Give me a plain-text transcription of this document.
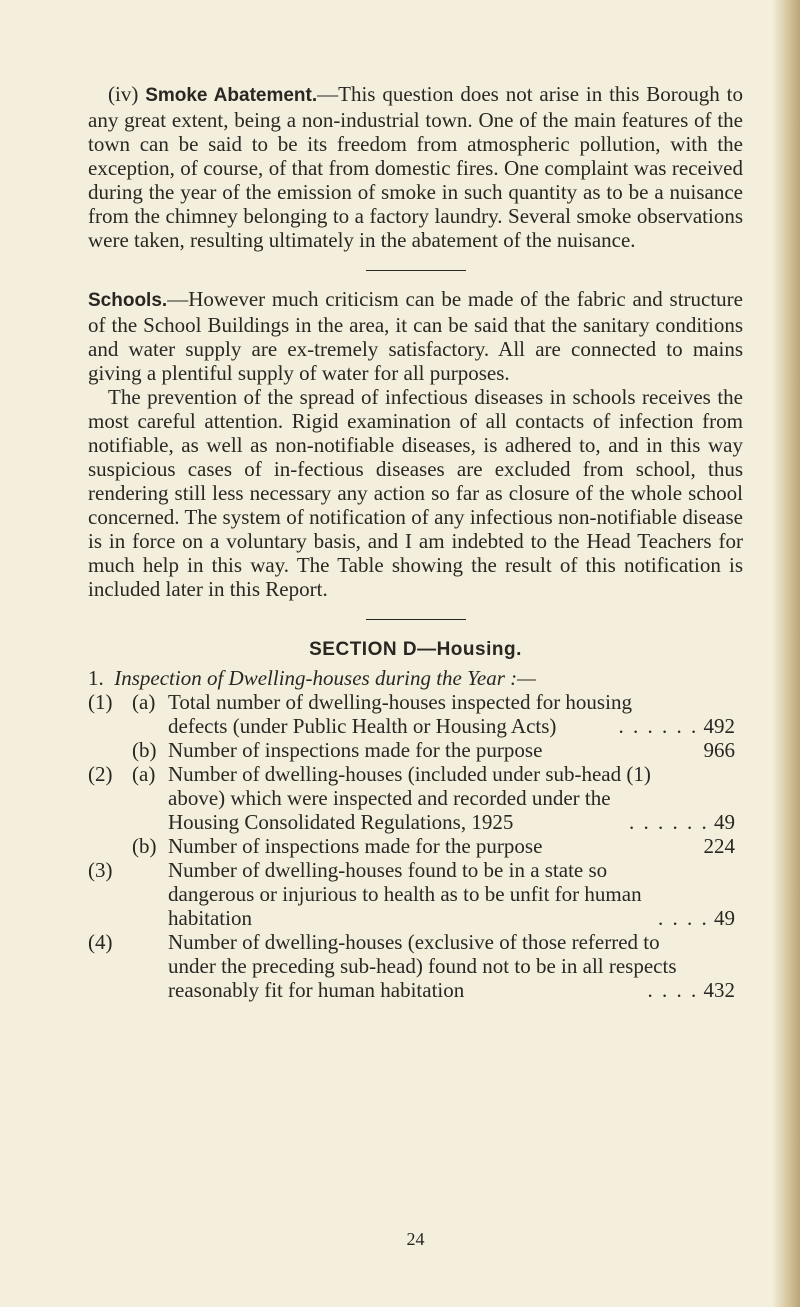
(iv) Smoke Abatement.—This question does not arise in this Borough to any great extent, being a non-industrial town. One of the main features of the town can be said to be its freedom from atmospheric pollution, with the exception, of course, of that from domestic fires. One complaint was received during the year of the emission of smoke in such quantity as to be a nuisance from the chimney belonging to a factory laundry. Several smoke observations were taken, resulting ultimately in the abatement of the nuisance.

Schools.—However much criticism can be made of the fabric and structure of the School Buildings in the area, it can be said that the sanitary conditions and water supply are ex-tremely satisfactory. All are connected to mains giving a plentiful supply of water for all purposes.

The prevention of the spread of infectious diseases in schools receives the most careful attention. Rigid examination of all contacts of infection from notifiable, as well as non-notifiable diseases, is adhered to, and in this way suspicious cases of in-fectious diseases are excluded from school, thus rendering still less necessary any action so far as closure of the whole school concerned. The system of notification of any infectious non-notifiable disease is in force on a voluntary basis, and I am indebted to the Head Teachers for much help in this way. The Table showing the result of this notification is included later in this Report.

SECTION D—Housing.

1. Inspection of Dwelling-houses during the Year :—

(1) (a) Total number of dwelling-houses inspected for housing defects (under Public Health or Housing Acts)	. . . . . . 492
(b) Number of inspections made for the purpose	966
(2) (a) Number of dwelling-houses (included under sub-head (1) above) which were inspected and recorded under the Housing Consolidated Regulations, 1925	. . . . . . 49
(b) Number of inspections made for the purpose	224
(3)	Number of dwelling-houses found to be in a state so dangerous or injurious to health as to be unfit for human habitation	. . . . 49
(4)	Number of dwelling-houses (exclusive of those referred to under the preceding sub-head) found not to be in all respects reasonably fit for human habitation	. . . . 432
24
